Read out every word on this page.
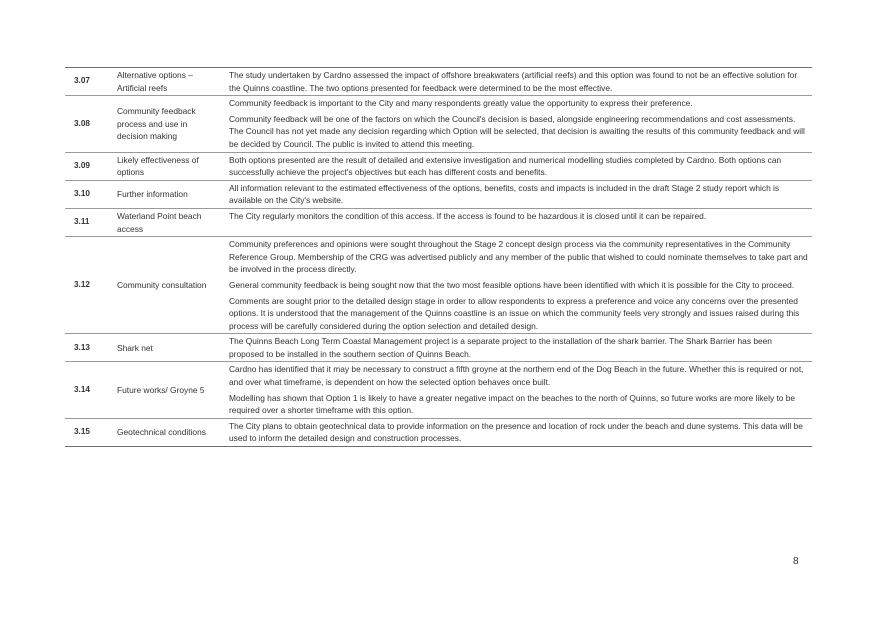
3.07	Alternative options – Artificial reefs	The study undertaken by Cardno assessed the impact of offshore breakwaters (artificial reefs) and this option was found to not be an effective solution for the Quinns coastline. The two options presented for feedback were determined to be the most effective.

3.08	Community feedback process and use in decision making	Community feedback is important to the City and many respondents greatly value the opportunity to express their preference.

Community feedback will be one of the factors on which the Council's decision is based, alongside engineering recommendations and cost assessments. The Council has not yet made any decision regarding which Option will be selected, that decision is awaiting the results of this community feedback and will be decided by Council. The public is invited to attend this meeting.

3.09	Likely effectiveness of options	Both options presented are the result of detailed and extensive investigation and numerical modelling studies completed by Cardno. Both options can successfully achieve the project's objectives but each has different costs and benefits.

3.10	Further information	All information relevant to the estimated effectiveness of the options, benefits, costs and impacts is included in the draft Stage 2 study report which is available on the City's website.

3.11	Waterland Point beach access	The City regularly monitors the condition of this access. If the access is found to be hazardous it is closed until it can be repaired.

3.12	Community consultation	Community preferences and opinions were sought throughout the Stage 2 concept design process via the community representatives in the Community Reference Group. Membership of the CRG was advertised publicly and any member of the public that wished to could nominate themselves to take part and be involved in the process directly.

General community feedback is being sought now that the two most feasible options have been identified with which it is possible for the City to proceed.

Comments are sought prior to the detailed design stage in order to allow respondents to express a preference and voice any concerns over the presented options. It is understood that the management of the Quinns coastline is an issue on which the community feels very strongly and issues raised during this process will be carefully considered during the option selection and detailed design.

3.13	Shark net	The Quinns Beach Long Term Coastal Management project is a separate project to the installation of the shark barrier. The Shark Barrier has been proposed to be installed in the southern section of Quinns Beach.

3.14	Future works/ Groyne 5	Cardno has identified that it may be necessary to construct a fifth groyne at the northern end of the Dog Beach in the future. Whether this is required or not, and over what timeframe, is dependent on how the selected option behaves once built.

Modelling has shown that Option 1 is likely to have a greater negative impact on the beaches to the north of Quinns, so future works are more likely to be required over a shorter timeframe with this option.

3.15	Geotechnical conditions	The City plans to obtain geotechnical data to provide information on the presence and location of rock under the beach and dune systems. This data will be used to inform the detailed design and construction processes.

8
